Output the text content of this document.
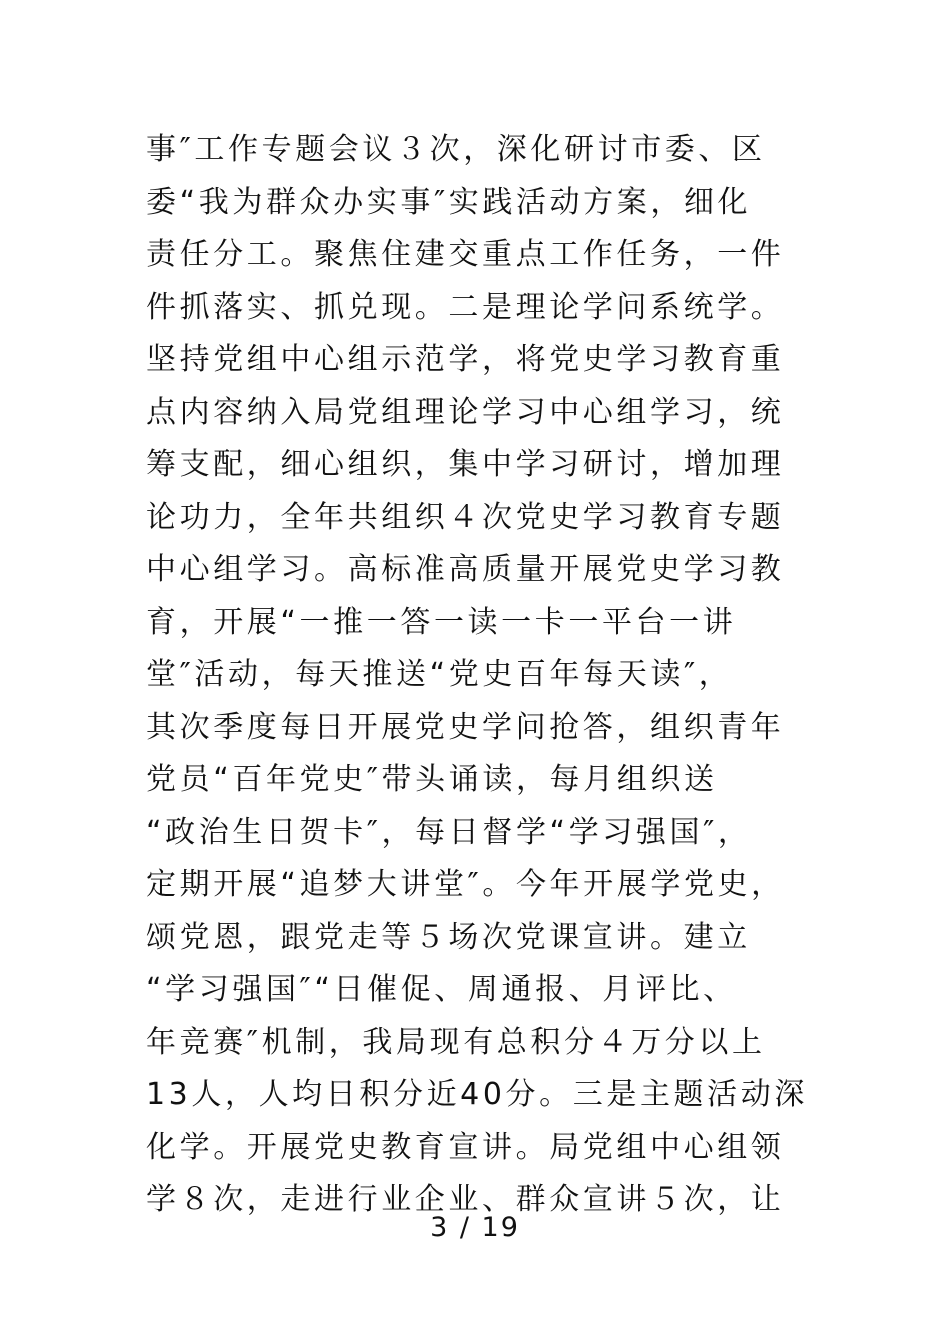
事″工作专题会议３次，深化研讨市委、区
委“我为群众办实事″实践活动方案，细化
责任分工。聚焦住建交重点工作任务，一件
件抓落实、抓兑现。二是理论学问系统学。
坚持党组中心组示范学，将党史学习教育重
点内容纳入局党组理论学习中心组学习，统
筹支配，细心组织，集中学习研讨，增加理
论功力，全年共组织４次党史学习教育专题
中心组学习。高标准高质量开展党史学习教
育，开展“一推一答一读一卡一平台一讲
堂″活动，每天推送“党史百年每天读″，
其次季度每日开展党史学问抢答，组织青年
党员“百年党史″带头诵读，每月组织送
“政治生日贺卡″，每日督学“学习强国″，
定期开展“追梦大讲堂″。今年开展学党史，
颂党恩，跟党走等５场次党课宣讲。建立
“学习强国″“日催促、周通报、月评比、
年竞赛″机制，我局现有总积分４万分以上
13人，人均日积分近40分。三是主题活动深
化学。开展党史教育宣讲。局党组中心组领
学８次，走进行业企业、群众宣讲５次，让
3 / 19
